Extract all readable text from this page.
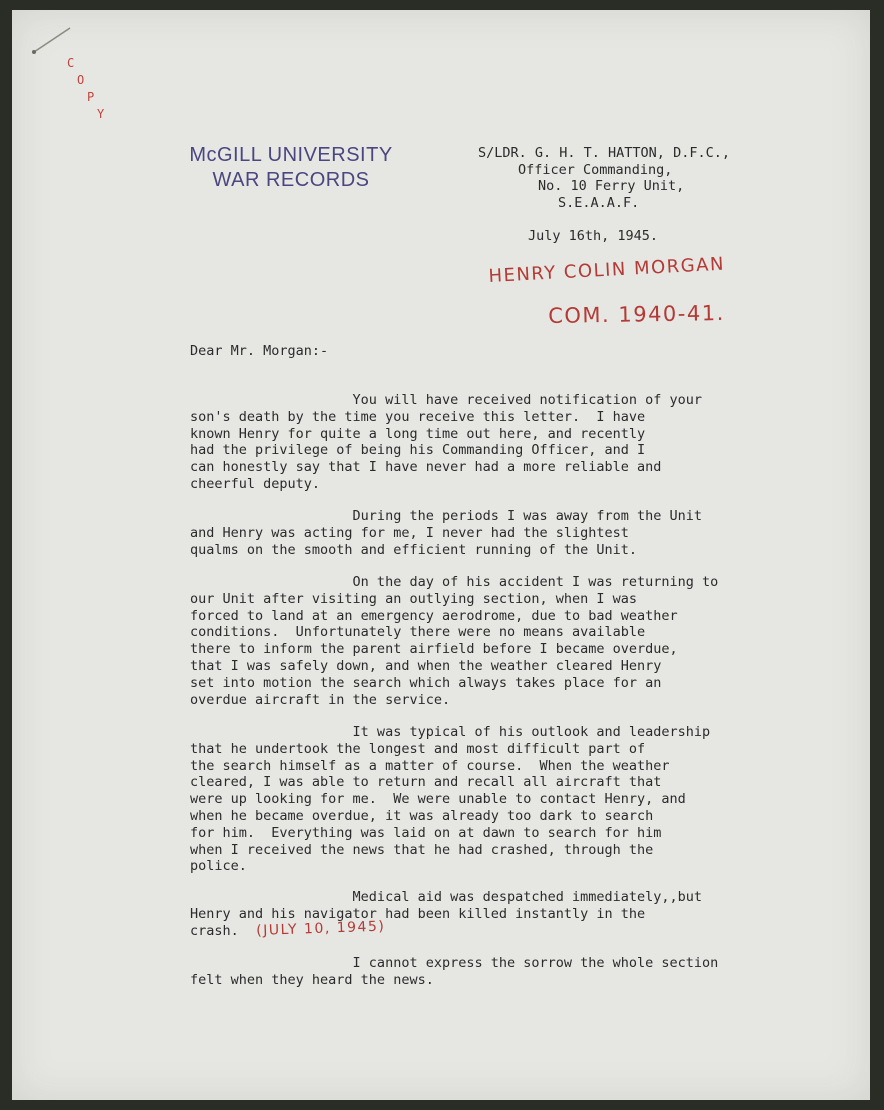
C
O
P
Y
McGILL UNIVERSITY
WAR RECORDS
S/LDR. G. H. T. HATTON, D.F.C.,
Officer Commanding,
No. 10 Ferry Unit,
S.E.A.A.F.
July 16th, 1945.
HENRY COLIN MORGAN
COM. 1940-41.
Dear Mr. Morgan:-
You will have received notification of your
son's death by the time you receive this letter.  I have
known Henry for quite a long time out here, and recently
had the privilege of being his Commanding Officer, and I
can honestly say that I have never had a more reliable and
cheerful deputy.
During the periods I was away from the Unit
and Henry was acting for me, I never had the slightest
qualms on the smooth and efficient running of the Unit.
On the day of his accident I was returning to
our Unit after visiting an outlying section, when I was
forced to land at an emergency aerodrome, due to bad weather
conditions.  Unfortunately there were no means available
there to inform the parent airfield before I became overdue,
that I was safely down, and when the weather cleared Henry
set into motion the search which always takes place for an
overdue aircraft in the service.
It was typical of his outlook and leadership
that he undertook the longest and most difficult part of
the search himself as a matter of course.  When the weather
cleared, I was able to return and recall all aircraft that
were up looking for me.  We were unable to contact Henry, and
when he became overdue, it was already too dark to search
for him.  Everything was laid on at dawn to search for him
when I received the news that he had crashed, through the
police.
Medical aid was despatched immediately,,but
Henry and his navigator had been killed instantly in the
crash.	(JULY 10, 1945)
I cannot express the sorrow the whole section
felt when they heard the news.
